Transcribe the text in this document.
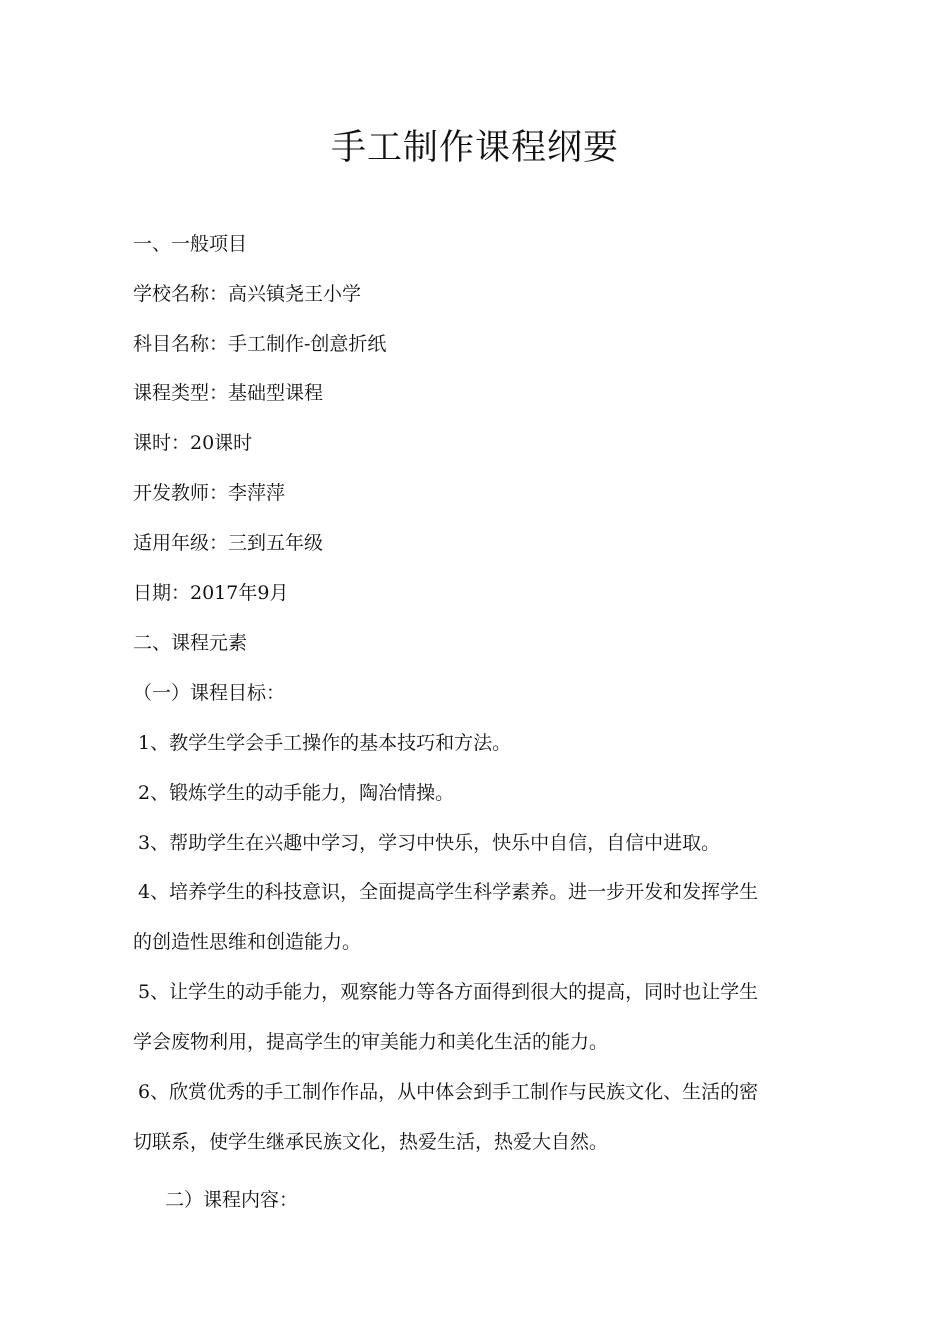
手工制作课程纲要
一、一般项目
学校名称：高兴镇尧王小学
科目名称：手工制作-创意折纸
课程类型：基础型课程
课时：20课时
开发教师：李萍萍
适用年级：三到五年级
日期：2017年9月
二、课程元素
（一）课程目标：
1、教学生学会手工操作的基本技巧和方法。
2、锻炼学生的动手能力，陶冶情操。
3、帮助学生在兴趣中学习，学习中快乐，快乐中自信，自信中进取。
4、培养学生的科技意识，全面提高学生科学素养。进一步开发和发挥学生
的创造性思维和创造能力。
5、让学生的动手能力，观察能力等各方面得到很大的提高，同时也让学生
学会废物利用，提高学生的审美能力和美化生活的能力。
6、欣赏优秀的手工制作作品，从中体会到手工制作与民族文化、生活的密
切联系，使学生继承民族文化，热爱生活，热爱大自然。
二）课程内容：
